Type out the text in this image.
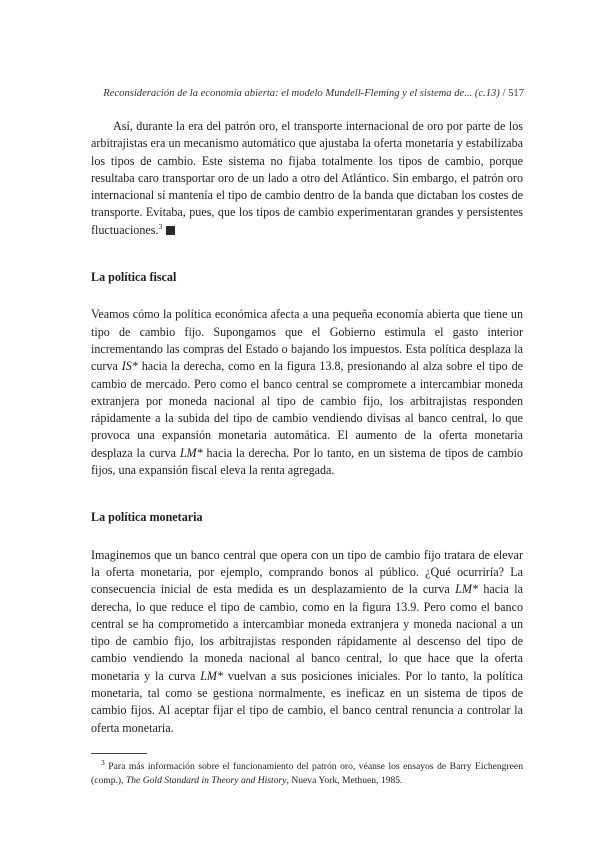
Reconsideración de la economía abierta: el modelo Mundell-Fleming y el sistema de... (c.13) / 517

Así, durante la era del patrón oro, el transporte internacional de oro por parte de los arbitrajistas era un mecanismo automático que ajustaba la oferta monetaria y estabilizaba los tipos de cambio. Este sistema no fijaba totalmente los tipos de cambio, porque resultaba caro transportar oro de un lado a otro del Atlántico. Sin embargo, el patrón oro internacional sí mantenía el tipo de cambio dentro de la banda que dictaban los costes de transporte. Evitaba, pues, que los tipos de cambio experimentaran grandes y persistentes fluctuaciones.$^3$

La política fiscal

Veamos cómo la política económica afecta a una pequeña economía abierta que tiene un tipo de cambio fijo. Supongamos que el Gobierno estimula el gasto interior incrementando las compras del Estado o bajando los impuestos. Esta política desplaza la curva IS* hacia la derecha, como en la figura 13.8, presionando al alza sobre el tipo de cambio de mercado. Pero como el banco central se compromete a intercambiar moneda extranjera por moneda nacional al tipo de cambio fijo, los arbitrajistas responden rápidamente a la subida del tipo de cambio vendiendo divisas al banco central, lo que provoca una expansión monetaria automática. El aumento de la oferta monetaria desplaza la curva LM* hacia la derecha. Por lo tanto, en un sistema de tipos de cambio fijos, una expansión fiscal eleva la renta agregada.

La política monetaria

Imaginemos que un banco central que opera con un tipo de cambio fijo tratara de elevar la oferta monetaria, por ejemplo, comprando bonos al público. ¿Qué ocurriría? La consecuencia inicial de esta medida es un desplazamiento de la curva LM* hacia la derecha, lo que reduce el tipo de cambio, como en la figura 13.9. Pero como el banco central se ha comprometido a intercambiar moneda extranjera y moneda nacional a un tipo de cambio fijo, los arbitrajistas responden rápidamente al descenso del tipo de cambio vendiendo la moneda nacional al banco central, lo que hace que la oferta monetaria y la curva LM* vuelvan a sus posiciones iniciales. Por lo tanto, la política monetaria, tal como se gestiona normalmente, es ineficaz en un sistema de tipos de cambio fijos. Al aceptar fijar el tipo de cambio, el banco central renuncia a controlar la oferta monetaria.

$^3$ Para más información sobre el funcionamiento del patrón oro, véanse los ensayos de Barry Eichengreen (comp.), The Gold Standard in Theory and History, Nueva York, Methuen, 1985.
